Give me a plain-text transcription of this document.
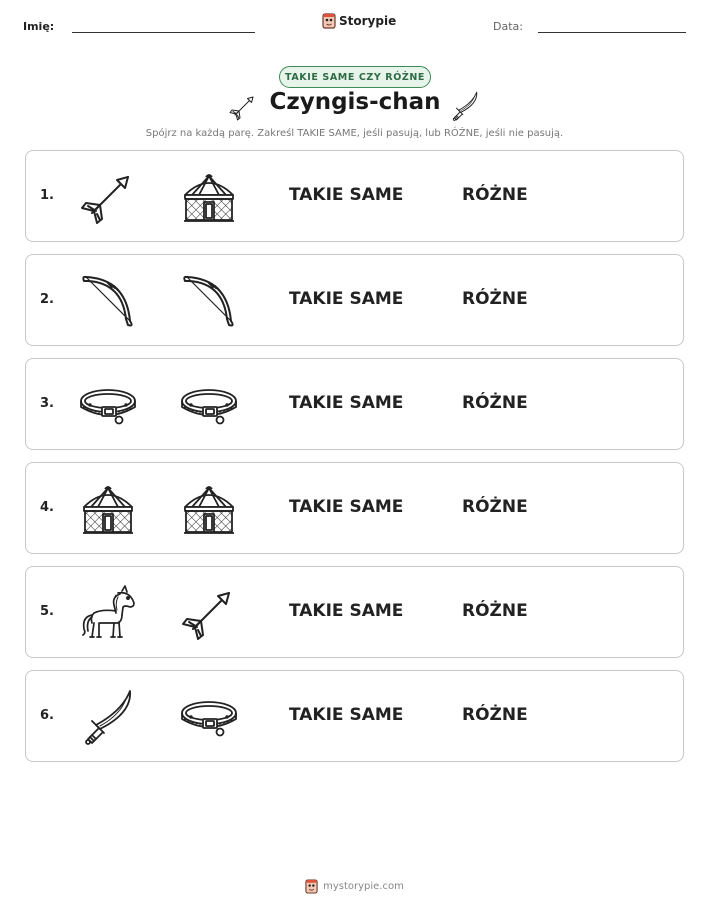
Imię:	Storypie	Data:
TAKIE SAME CZY RÓŻNE
Czyngis-chan
Spójrz na każdą parę. Zakreśl TAKIE SAME, jeśli pasują, lub RÓŻNE, jeśli nie pasują.
1.	TAKIE SAME	RÓŻNE
2.	TAKIE SAME	RÓŻNE
3.	TAKIE SAME	RÓŻNE
4.	TAKIE SAME	RÓŻNE
5.	TAKIE SAME	RÓŻNE
6.	TAKIE SAME	RÓŻNE
mystorypie.com
